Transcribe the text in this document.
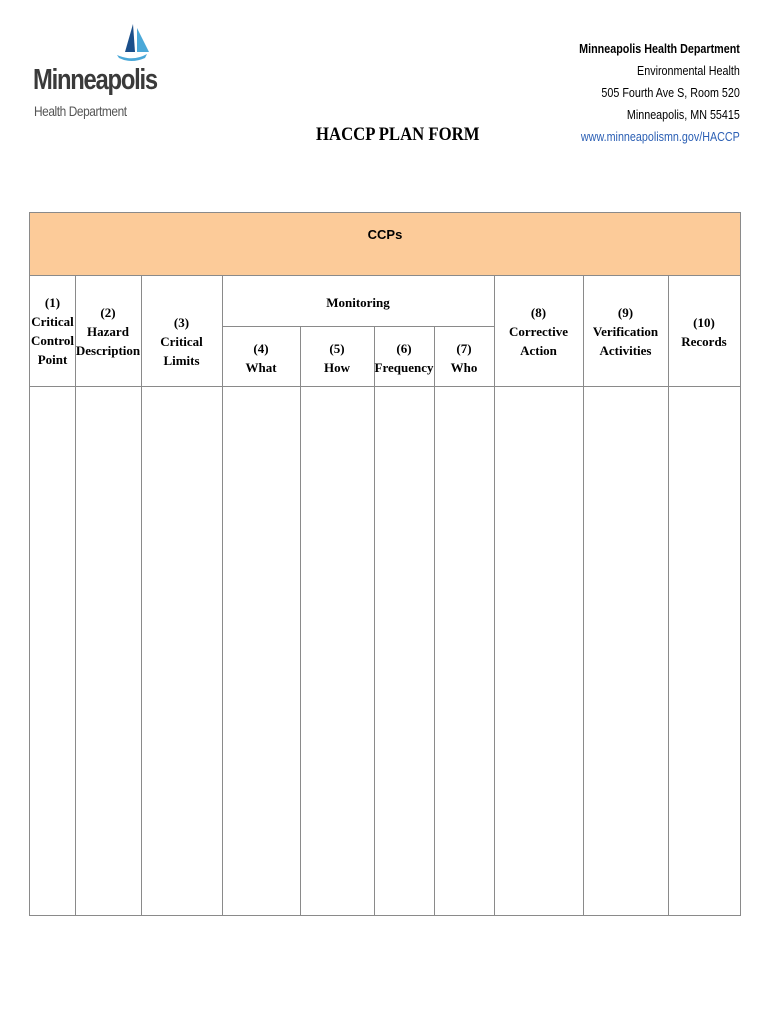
Minneapolis
Health Department
Minneapolis Health Department
Environmental Health
505 Fourth Ave S, Room 520
Minneapolis, MN 55415
www.minneapolismn.gov/HACCP
HACCP PLAN FORM
CCPs
Monitoring
(1)
Critical
Control
Point
(2)
Hazard
Description
(3)
Critical Limits
(4)
What
(5)
How
(6)
Frequency
(7)
Who
(8)
Corrective
Action
(9)
Verification
Activities
(10)
Records
